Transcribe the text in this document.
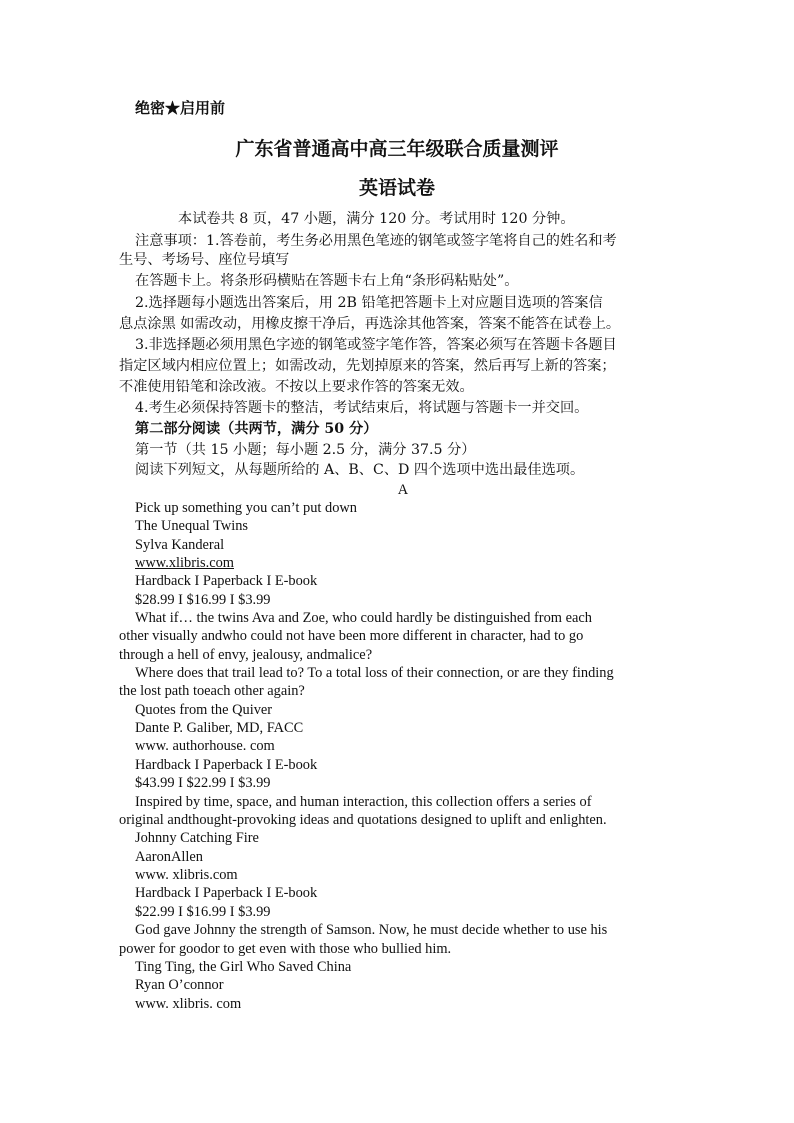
绝密★启用前
广东省普通高中高三年级联合质量测评
英语试卷
本试卷共 8 页，47 小题，满分 120 分。考试用时 120 分钟。
注意事项：1.答卷前，考生务必用黑色笔迹的钢笔或签字笔将自己的姓名和考
生号、考场号、座位号填写
在答题卡上。将条形码横贴在答题卡右上角“条形码粘贴处”。
2.选择题每小题选出答案后，用 2B 铅笔把答题卡上对应题目选项的答案信
息点涂黑 如需改动，用橡皮擦干净后，再选涂其他答案，答案不能答在试卷上。
3.非选择题必须用黑色字迹的钢笔或签字笔作答，答案必须写在答题卡各题目
指定区域内相应位置上；如需改动，先划掉原来的答案，然后再写上新的答案；
不准使用铅笔和涂改液。不按以上要求作答的答案无效。
4.考生必须保持答题卡的整洁，考试结束后，将试题与答题卡一并交回。
第二部分阅读（共两节，满分 50 分）
第一节（共 15 小题；每小题 2.5 分，满分 37.5 分）
阅读下列短文，从每题所给的 A、B、C、D 四个选项中选出最佳选项。
A
Pick up something you can’t put down
The Unequal Twins
Sylva Kanderal
www.xlibris.com
Hardback I Paperback I E-book
$28.99 I $16.99 I $3.99
What if… the twins Ava and Zoe, who could hardly be distinguished from each
other visually andwho could not have been more different in character, had to go
through a hell of envy, jealousy, andmalice?
Where does that trail lead to? To a total loss of their connection, or are they finding
the lost path toeach other again?
Quotes from the Quiver
Dante P. Galiber, MD, FACC
www. authorhouse. com
Hardback I Paperback I E-book
$43.99 I $22.99 I $3.99
Inspired by time, space, and human interaction, this collection offers a series of
original andthought-provoking ideas and quotations designed to uplift and enlighten.
Johnny Catching Fire
AaronAllen
www. xlibris.com
Hardback I Paperback I E-book
$22.99 I $16.99 I $3.99
God gave Johnny the strength of Samson. Now, he must decide whether to use his
power for goodor to get even with those who bullied him.
Ting Ting, the Girl Who Saved China
Ryan O’connor
www. xlibris. com
